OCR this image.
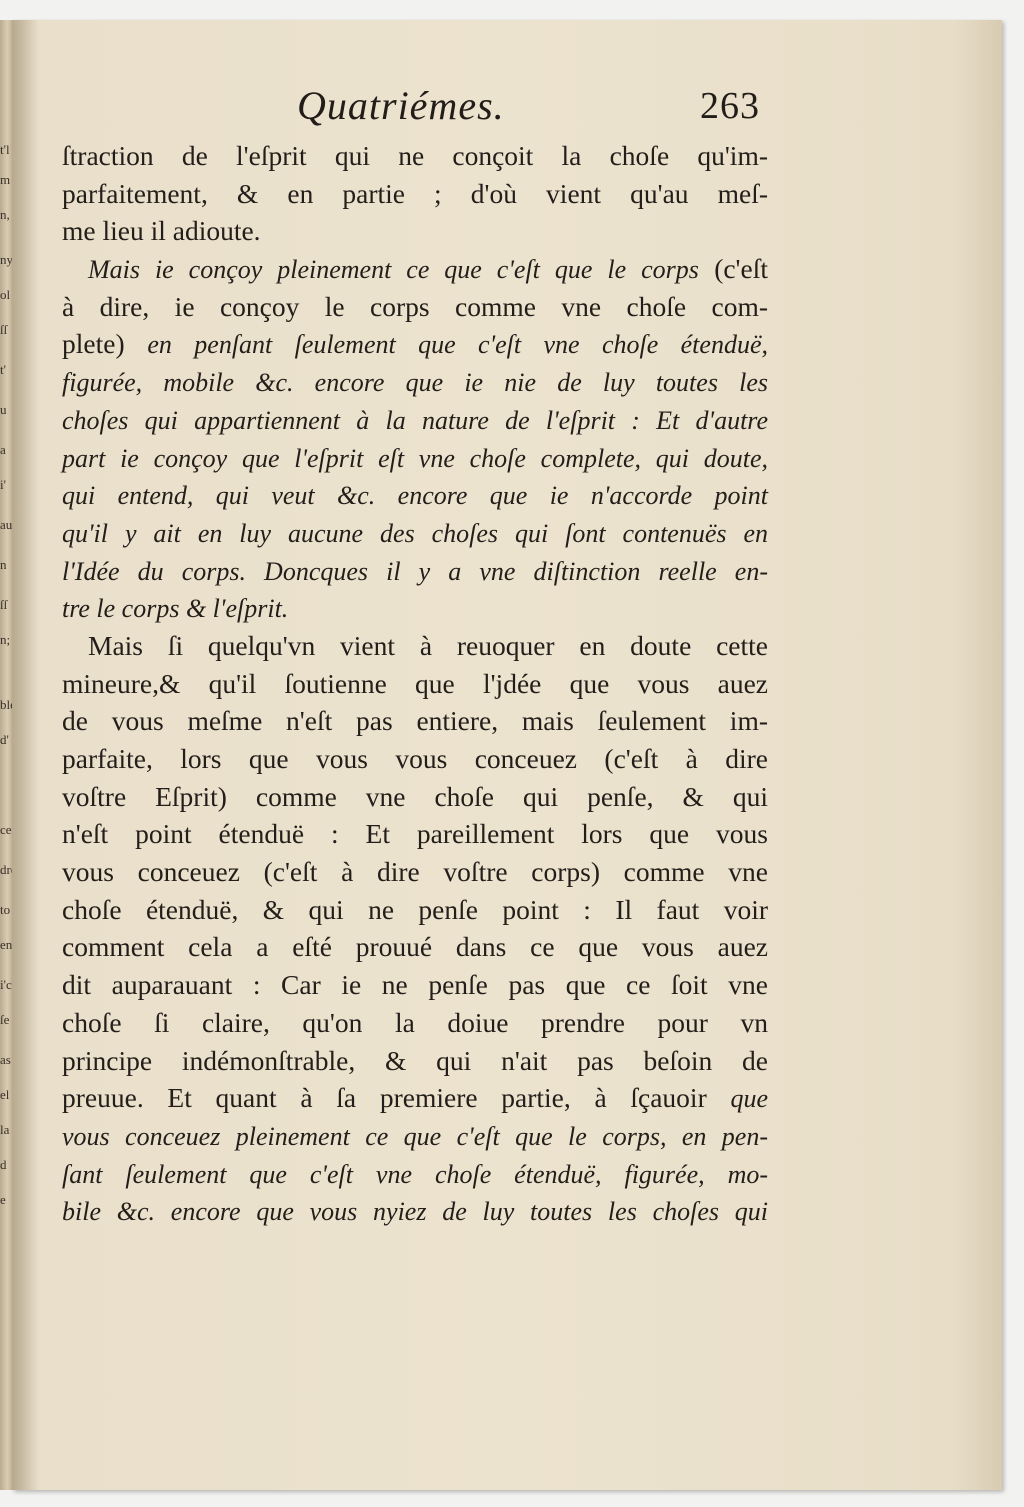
Quatriémes.	263
ſtraction de l'eſprit qui ne conçoit la choſe qu'im-
parfaitement, & en partie ; d'où vient qu'au meſ-
me lieu il adioute.
Mais ie conçoy pleinement ce que c'eſt que le corps (c'eſt
à dire, ie conçoy le corps comme vne choſe com-
plete) en penſant ſeulement que c'eſt vne choſe étenduë,
figurée, mobile &c. encore que ie nie de luy toutes les
choſes qui appartiennent à la nature de l'eſprit : Et d'autre
part ie conçoy que l'eſprit eſt vne choſe complete, qui doute,
qui entend, qui veut &c. encore que ie n'accorde point
qu'il y ait en luy aucune des choſes qui ſont contenuës en
l'Idée du corps. Doncques il y a vne diſtinction reelle en-
tre le corps & l'eſprit.
Mais ſi quelqu'vn vient à reuoquer en doute cette
mineure,& qu'il ſoutienne que l'jdée que vous auez
de vous meſme n'eſt pas entiere, mais ſeulement im-
parfaite, lors que vous vous conceuez (c'eſt à dire
voſtre Eſprit) comme vne choſe qui penſe, & qui
n'eſt point étenduë : Et pareillement lors que vous
vous conceuez (c'eſt à dire voſtre corps) comme vne
choſe étenduë, & qui ne penſe point : Il faut voir
comment cela a eſté prouué dans ce que vous auez
dit auparauant : Car ie ne penſe pas que ce ſoit vne
choſe ſi claire, qu'on la doiue prendre pour vn
principe indémonſtrable, & qui n'ait pas beſoin de
preuue. Et quant à ſa premiere partie, à ſçauoir que
vous conceuez pleinement ce que c'eſt que le corps, en pen-
ſant ſeulement que c'eſt vne choſe étenduë, figurée, mo-
bile &c. encore que vous nyiez de luy toutes les choſes qui
